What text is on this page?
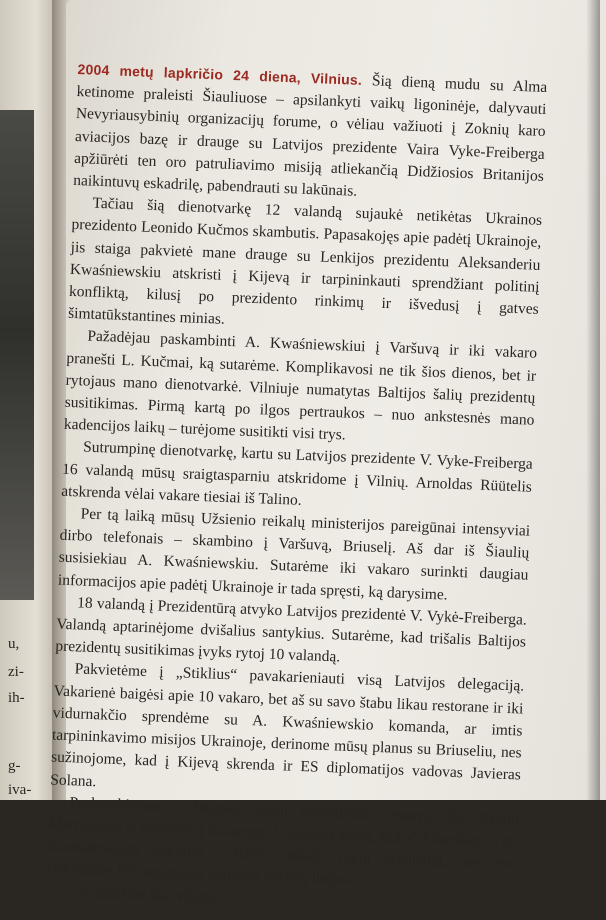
u,
zi-
ih-
g-
iva-

2004 metų lapkričio 24 diena, Vilnius. Šią dieną mudu su Alma ketinome praleisti Šiauliuose – apsilankyti vaikų ligoninėje, dalyvauti Nevyriausybinių organizacijų forume, o vėliau važiuoti į Zoknių karo aviacijos bazę ir drauge su Latvijos prezidente Vaira Vyke-Freiberga apžiūrėti ten oro patruliavimo misiją atliekančią Didžiosios Britanijos naikintuvų eskadrilę, pabendrauti su lakūnais.

Tačiau šią dienotvarkę 12 valandą sujaukė netikėtas Ukrainos prezidento Leonido Kučmos skambutis. Papasakojęs apie padėtį Ukrainoje, jis staiga pakvietė mane drauge su Lenkijos prezidentu Aleksanderiu Kwaśniewskiu atskristi į Kijevą ir tarpininkauti sprendžiant politinį konfliktą, kilusį po prezidento rinkimų ir išvedusį į gatves šimtatūkstantines minias.

Pažadėjau paskambinti A. Kwaśniewskiui į Varšuvą ir iki vakaro pranešti L. Kučmai, ką sutarėme. Komplikavosi ne tik šios dienos, bet ir rytojaus mano dienotvarkė. Vilniuje numatytas Baltijos šalių prezidentų susitikimas. Pirmą kartą po ilgos pertraukos – nuo ankstesnės mano kadencijos laikų – turėjome susitikti visi trys.

Sutrumpinę dienotvarkę, kartu su Latvijos prezidente V. Vyke-Freiberga 16 valandą mūsų sraigtasparniu atskridome į Vilnių. Arnoldas Rüütelis atskrenda vėlai vakare tiesiai iš Talino.

Per tą laiką mūsų Užsienio reikalų ministerijos pareigūnai intensyviai dirbo telefonais – skambino į Varšuvą, Briuselį. Aš dar iš Šiaulių susisiekiau A. Kwaśniewskiu. Sutarėme iki vakaro surinkti daugiau informacijos apie padėtį Ukrainoje ir tada spręsti, ką darysime.

18 valandą į Prezidentūrą atvyko Latvijos prezidentė V. Vykė-Freiberga. Valandą aptarinėjome dvišalius santykius. Sutarėme, kad trišalis Baltijos prezidentų susitikimas įvyks rytoj 10 valandą.

Pakvietėme į „Stiklius“ pavakarieniauti visą Latvijos delegaciją. Vakarienė baigėsi apie 10 vakaro, bet aš su savo štabu likau restorane ir iki vidurnakčio sprendėme su A. Kwaśniewskio komanda, ar imtis tarpininkavimo misijos Ukrainoje, derinome mūsų planus su Briuseliu, nes sužinojome, kad į Kijevą skrenda ir ES diplomatijos vadovas Javieras Solana.

Paskambinome į Briuselį mūsų nuolatiniam atstovui ES Ryčiui Martikoniui ir prašėme jį nuraminti J. Solanos štabą, kad V. Adamkaus ir A. Kwaśniewskio vykimas į Kijevą nekels jokių problemų, nes mes laikysimės ES numatytos politinės derybų linijos.

... ir užrašiau šias eilutes.
